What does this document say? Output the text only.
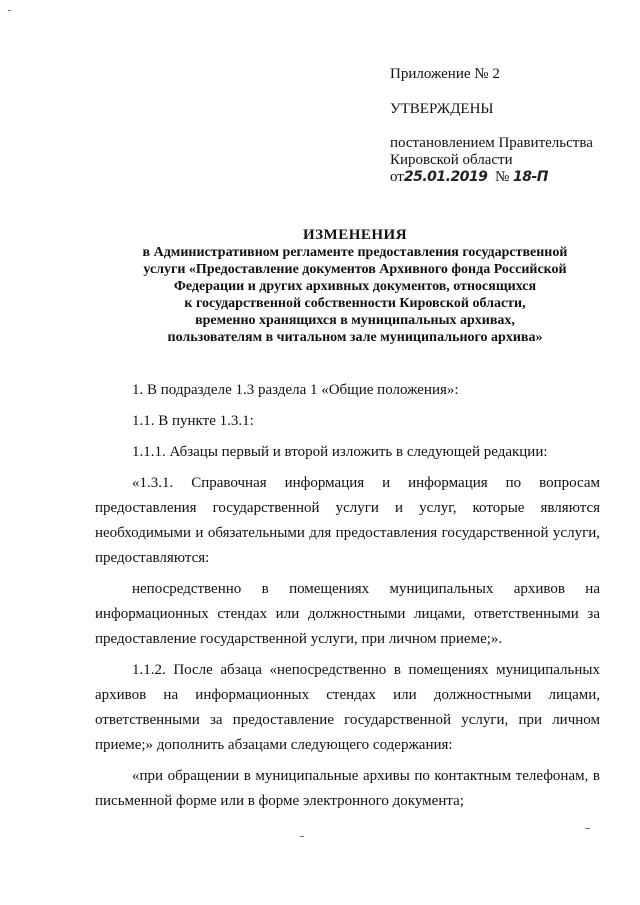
Приложение № 2
УТВЕРЖДЕНЫ
постановлением Правительства
Кировской области
от25.01.2019 № 18-П
ИЗМЕНЕНИЯ
в Административном регламенте предоставления государственной
услуги «Предоставление документов Архивного фонда Российской
Федерации и других архивных документов, относящихся
к государственной собственности Кировской области,
временно хранящихся в муниципальных архивах,
пользователям в читальном зале муниципального архива»

1. В подразделе 1.3 раздела 1 «Общие положения»:

1.1. В пункте 1.3.1:

1.1.1. Абзацы первый и второй изложить в следующей редакции:

«1.3.1. Справочная информация и информация по вопросам предоставления государственной услуги и услуг, которые являются необходимыми и обязательными для предоставления государственной услуги, предоставляются:

непосредственно в помещениях муниципальных архивов на информационных стендах или должностными лицами, ответственными за предоставление государственной услуги, при личном приеме;».

1.1.2. После абзаца «непосредственно в помещениях муниципальных архивов на информационных стендах или должностными лицами, ответственными за предоставление государственной услуги, при личном приеме;» дополнить абзацами следующего содержания:

«при обращении в муниципальные архивы по контактным телефонам, в письменной форме или в форме электронного документа;
